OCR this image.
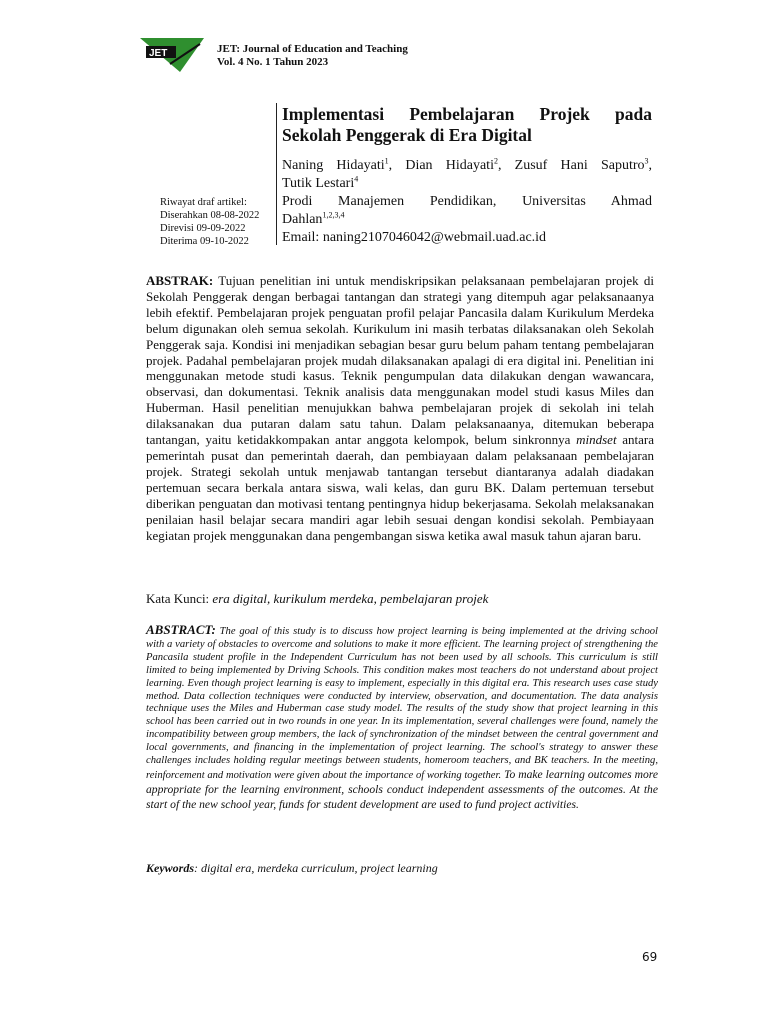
JET	JET: Journal of Education and Teaching
Vol. 4 No. 1 Tahun 2023
Riwayat draf artikel:
Diserahkan 08-08-2022
Direvisi 09-09-2022
Diterima 09-10-2022
Implementasi Pembelajaran Projek pada
Sekolah Penggerak di Era Digital
Naning Hidayati$^1$, Dian Hidayati$^2$, Zusuf Hani Saputro$^3$,
Tutik Lestari$^4$
Prodi Manajemen Pendidikan, Universitas Ahmad
Dahlan$^{1,2,3,4}$
Email: naning2107046042@webmail.uad.ac.id

ABSTRAK: Tujuan penelitian ini untuk mendiskripsikan pelaksanaan pembelajaran projek di Sekolah Penggerak dengan berbagai tantangan dan strategi yang ditempuh agar pelaksanaanya lebih efektif. Pembelajaran projek penguatan profil pelajar Pancasila dalam Kurikulum Merdeka belum digunakan oleh semua sekolah. Kurikulum ini masih terbatas dilaksanakan oleh Sekolah Penggerak saja. Kondisi ini menjadikan sebagian besar guru belum paham tentang pembelajaran projek. Padahal pembelajaran projek mudah dilaksanakan apalagi di era digital ini. Penelitian ini menggunakan metode studi kasus. Teknik pengumpulan data dilakukan dengan wawancara, observasi, dan dokumentasi. Teknik analisis data menggunakan model studi kasus Miles dan Huberman. Hasil penelitian menujukkan bahwa pembelajaran projek di sekolah ini telah dilaksanakan dua putaran dalam satu tahun. Dalam pelaksanaanya, ditemukan beberapa tantangan, yaitu ketidakkompakan antar anggota kelompok, belum sinkronnya mindset antara pemerintah pusat dan pemerintah daerah, dan pembiayaan dalam pelaksanaan pembelajaran projek. Strategi sekolah untuk menjawab tantangan tersebut diantaranya adalah diadakan pertemuan secara berkala antara siswa, wali kelas, dan guru BK. Dalam pertemuan tersebut diberikan penguatan dan motivasi tentang pentingnya hidup bekerjasama. Sekolah melaksanakan penilaian hasil belajar secara mandiri agar lebih sesuai dengan kondisi sekolah. Pembiayaan kegiatan projek menggunakan dana pengembangan siswa ketika awal masuk tahun ajaran baru.

Kata Kunci: era digital, kurikulum merdeka, pembelajaran projek

ABSTRACT: The goal of this study is to discuss how project learning is being implemented at the driving school with a variety of obstacles to overcome and solutions to make it more efficient. The learning project of strengthening the Pancasila student profile in the Independent Curriculum has not been used by all schools. This curriculum is still limited to being implemented by Driving Schools. This condition makes most teachers do not understand about project learning. Even though project learning is easy to implement, especially in this digital era. This research uses case study method. Data collection techniques were conducted by interview, observation, and documentation. The data analysis technique uses the Miles and Huberman case study model. The results of the study show that project learning in this school has been carried out in two rounds in one year. In its implementation, several challenges were found, namely the incompatibility between group members, the lack of synchronization of the mindset between the central government and local governments, and financing in the implementation of project learning. The school's strategy to answer these challenges includes holding regular meetings between students, homeroom teachers, and BK teachers. In the meeting, reinforcement and motivation were given about the importance of working together. To make learning outcomes more appropriate for the learning environment, schools conduct independent assessments of the outcomes. At the start of the new school year, funds for student development are used to fund project activities.

Keywords: digital era, merdeka curriculum, project learning

69
